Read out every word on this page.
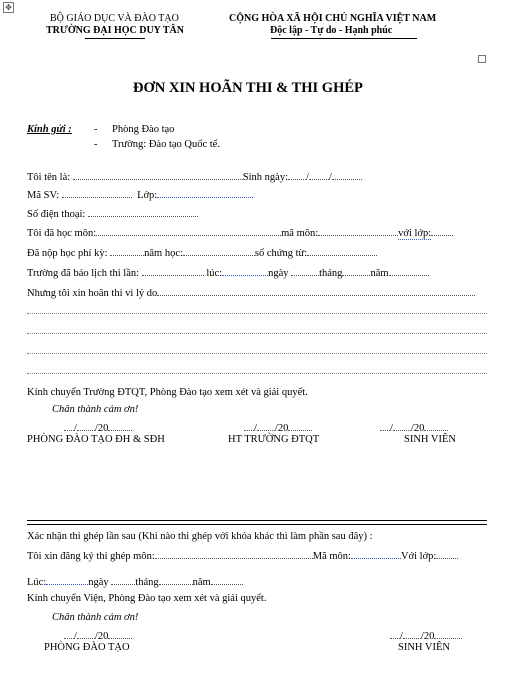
✥
BỘ GIÁO DỤC VÀ ĐÀO TẠO
TRƯỜNG ĐẠI HỌC DUY TÂN
CỘNG HÒA XÃ HỘI CHỦ NGHĨA VIỆT NAM
Độc lập - Tự do - Hạnh phúc
ĐƠN XIN HOÃN THI & THI GHÉP
Kính gửi : - Phòng Đào tạo
- Trường: Đào tạo Quốc tế.
Tôi tên là:	Sinh ngày: / /
Mã SV:	Lớp:
Số điện thoại:
Tôi đã học môn:	mã môn:	với lớp:
Đã nộp học phí kỳ:	năm học:	số chứng từ:
Trường đã báo lịch thi lần:	lúc:	ngày	tháng	năm
Nhưng tôi xin hoãn thi vì lý do
Kính chuyển Trường ĐTQT, Phòng Đào tạo xem xét và giải quyết.
Chân thành cảm ơn!
/ /20	/ /20	/ /20
PHÒNG ĐÀO TẠO ĐH & SĐH	HT TRƯỜNG ĐTQT	SINH VIÊN
Xác nhận thi ghép lần sau (Khi nào thi ghép với khóa khác thì làm phần sau đây) :
Tôi xin đăng ký thi ghép môn:	Mã môn:	Với lớp:
Lúc:	ngày	tháng	năm
Kính chuyển Viện, Phòng Đào tạo xem xét và giải quyết.
Chân thành cảm ơn!
/ /20	/ /20
PHÒNG ĐÀO TẠO	SINH VIÊN
